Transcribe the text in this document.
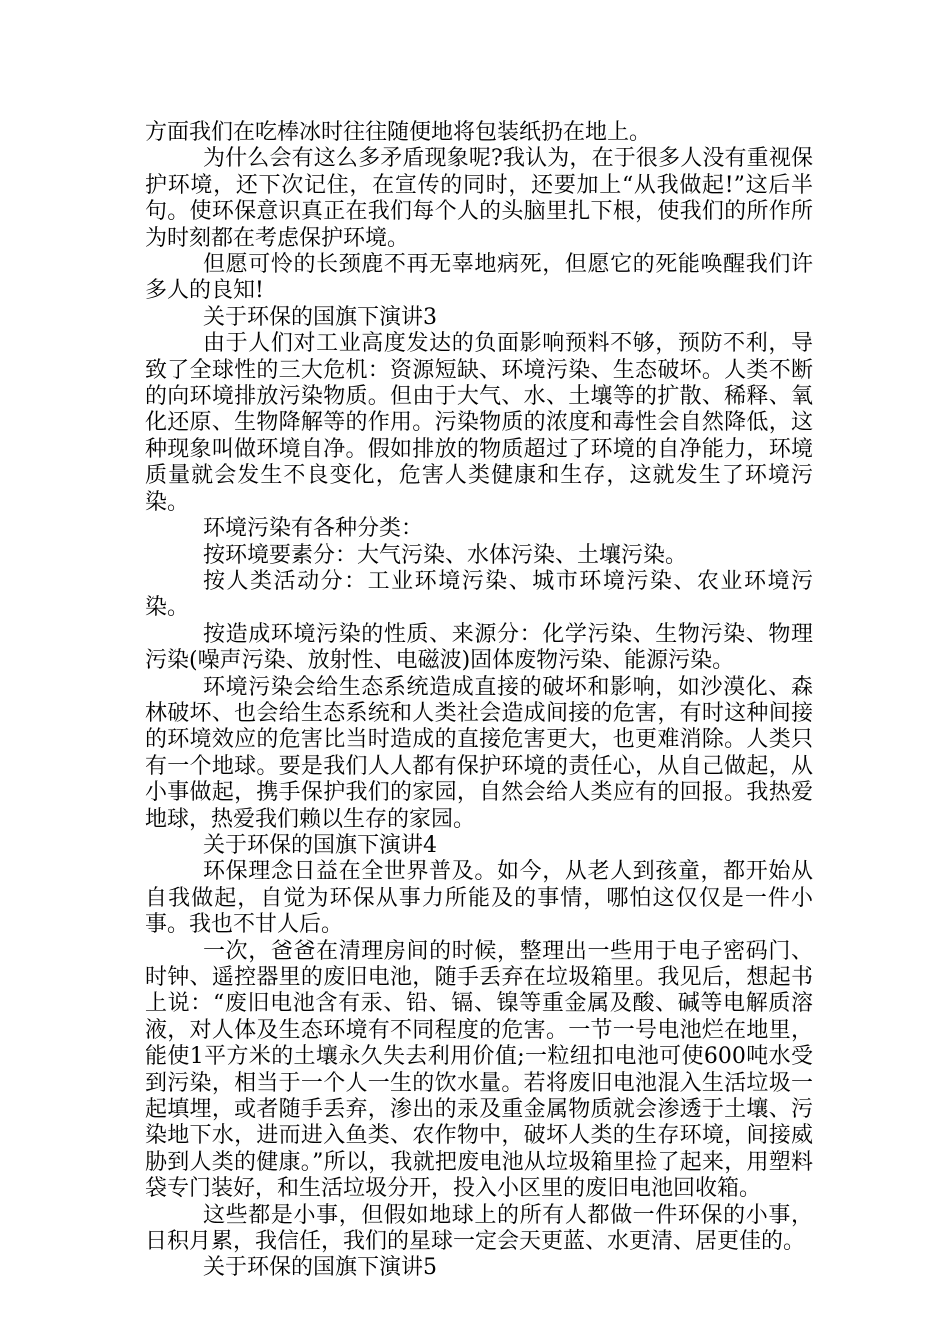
方面我们在吃棒冰时往往随便地将包装纸扔在地上。

为什么会有这么多矛盾现象呢?我认为，在于很多人没有重视保护环境，还下次记住，在宣传的同时，还要加上“从我做起!”这后半句。使环保意识真正在我们每个人的头脑里扎下根，使我们的所作所为时刻都在考虑保护环境。

但愿可怜的长颈鹿不再无辜地病死，但愿它的死能唤醒我们许多人的良知!

关于环保的国旗下演讲3

由于人们对工业高度发达的负面影响预料不够，预防不利，导致了全球性的三大危机：资源短缺、环境污染、生态破坏。人类不断的向环境排放污染物质。但由于大气、水、土壤等的扩散、稀释、氧化还原、生物降解等的作用。污染物质的浓度和毒性会自然降低，这种现象叫做环境自净。假如排放的物质超过了环境的自净能力，环境质量就会发生不良变化，危害人类健康和生存，这就发生了环境污染。

环境污染有各种分类：

按环境要素分：大气污染、水体污染、土壤污染。

按人类活动分：工业环境污染、城市环境污染、农业环境污染。

按造成环境污染的性质、来源分：化学污染、生物污染、物理污染(噪声污染、放射性、电磁波)固体废物污染、能源污染。

环境污染会给生态系统造成直接的破坏和影响，如沙漠化、森林破坏、也会给生态系统和人类社会造成间接的危害，有时这种间接的环境效应的危害比当时造成的直接危害更大，也更难消除。人类只有一个地球。要是我们人人都有保护环境的责任心，从自己做起，从小事做起，携手保护我们的家园，自然会给人类应有的回报。我热爱地球，热爱我们赖以生存的家园。

关于环保的国旗下演讲4

环保理念日益在全世界普及。如今，从老人到孩童，都开始从自我做起，自觉为环保从事力所能及的事情，哪怕这仅仅是一件小事。我也不甘人后。

一次，爸爸在清理房间的时候，整理出一些用于电子密码门、时钟、遥控器里的废旧电池，随手丢弃在垃圾箱里。我见后，想起书上说：“废旧电池含有汞、铅、镉、镍等重金属及酸、碱等电解质溶液，对人体及生态环境有不同程度的危害。一节一号电池烂在地里，能使1平方米的土壤永久失去利用价值;一粒纽扣电池可使600吨水受到污染，相当于一个人一生的饮水量。若将废旧电池混入生活垃圾一起填埋，或者随手丢弃，渗出的汞及重金属物质就会渗透于土壤、污染地下水，进而进入鱼类、农作物中，破坏人类的生存环境，间接威胁到人类的健康。”所以，我就把废电池从垃圾箱里捡了起来，用塑料袋专门装好，和生活垃圾分开，投入小区里的废旧电池回收箱。

这些都是小事，但假如地球上的所有人都做一件环保的小事，日积月累，我信任，我们的星球一定会天更蓝、水更清、居更佳的。

关于环保的国旗下演讲5
